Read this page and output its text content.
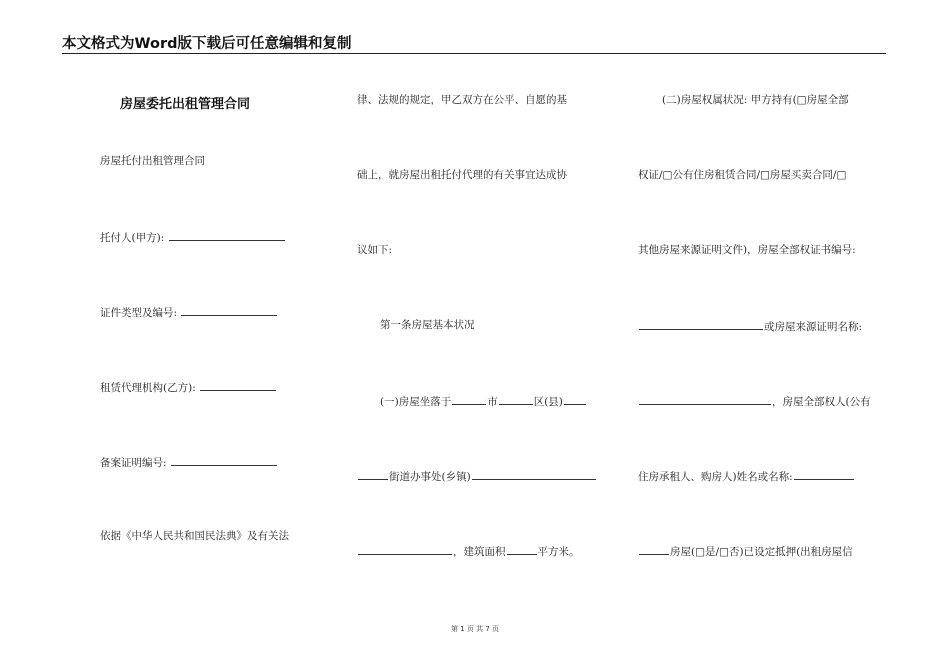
本文格式为Word版下载后可任意编辑和复制
房屋委托出租管理合同
房屋托付出租管理合同
托付人(甲方):
证件类型及编号:
租赁代理机构(乙方):
备案证明编号:
依据《中华人民共和国民法典》及有关法
律、法规的规定，甲乙双方在公平、自愿的基
础上，就房屋出租托付代理的有关事宜达成协
议如下:
第一条房屋基本状况
(一)房屋坐落于	市	区(县)
街道办事处(乡镇)
，建筑面积	平方米。
(二)房屋权属状况: 甲方持有(□房屋全部
权证/□公有住房租赁合同/□房屋买卖合同/□
其他房屋来源证明文件)，房屋全部权证书编号:
或房屋来源证明名称:
，房屋全部权人(公有
住房承租人、购房人)姓名或名称:
房屋(□是/□否)已设定抵押(出租房屋信
第 1 页 共 7 页
